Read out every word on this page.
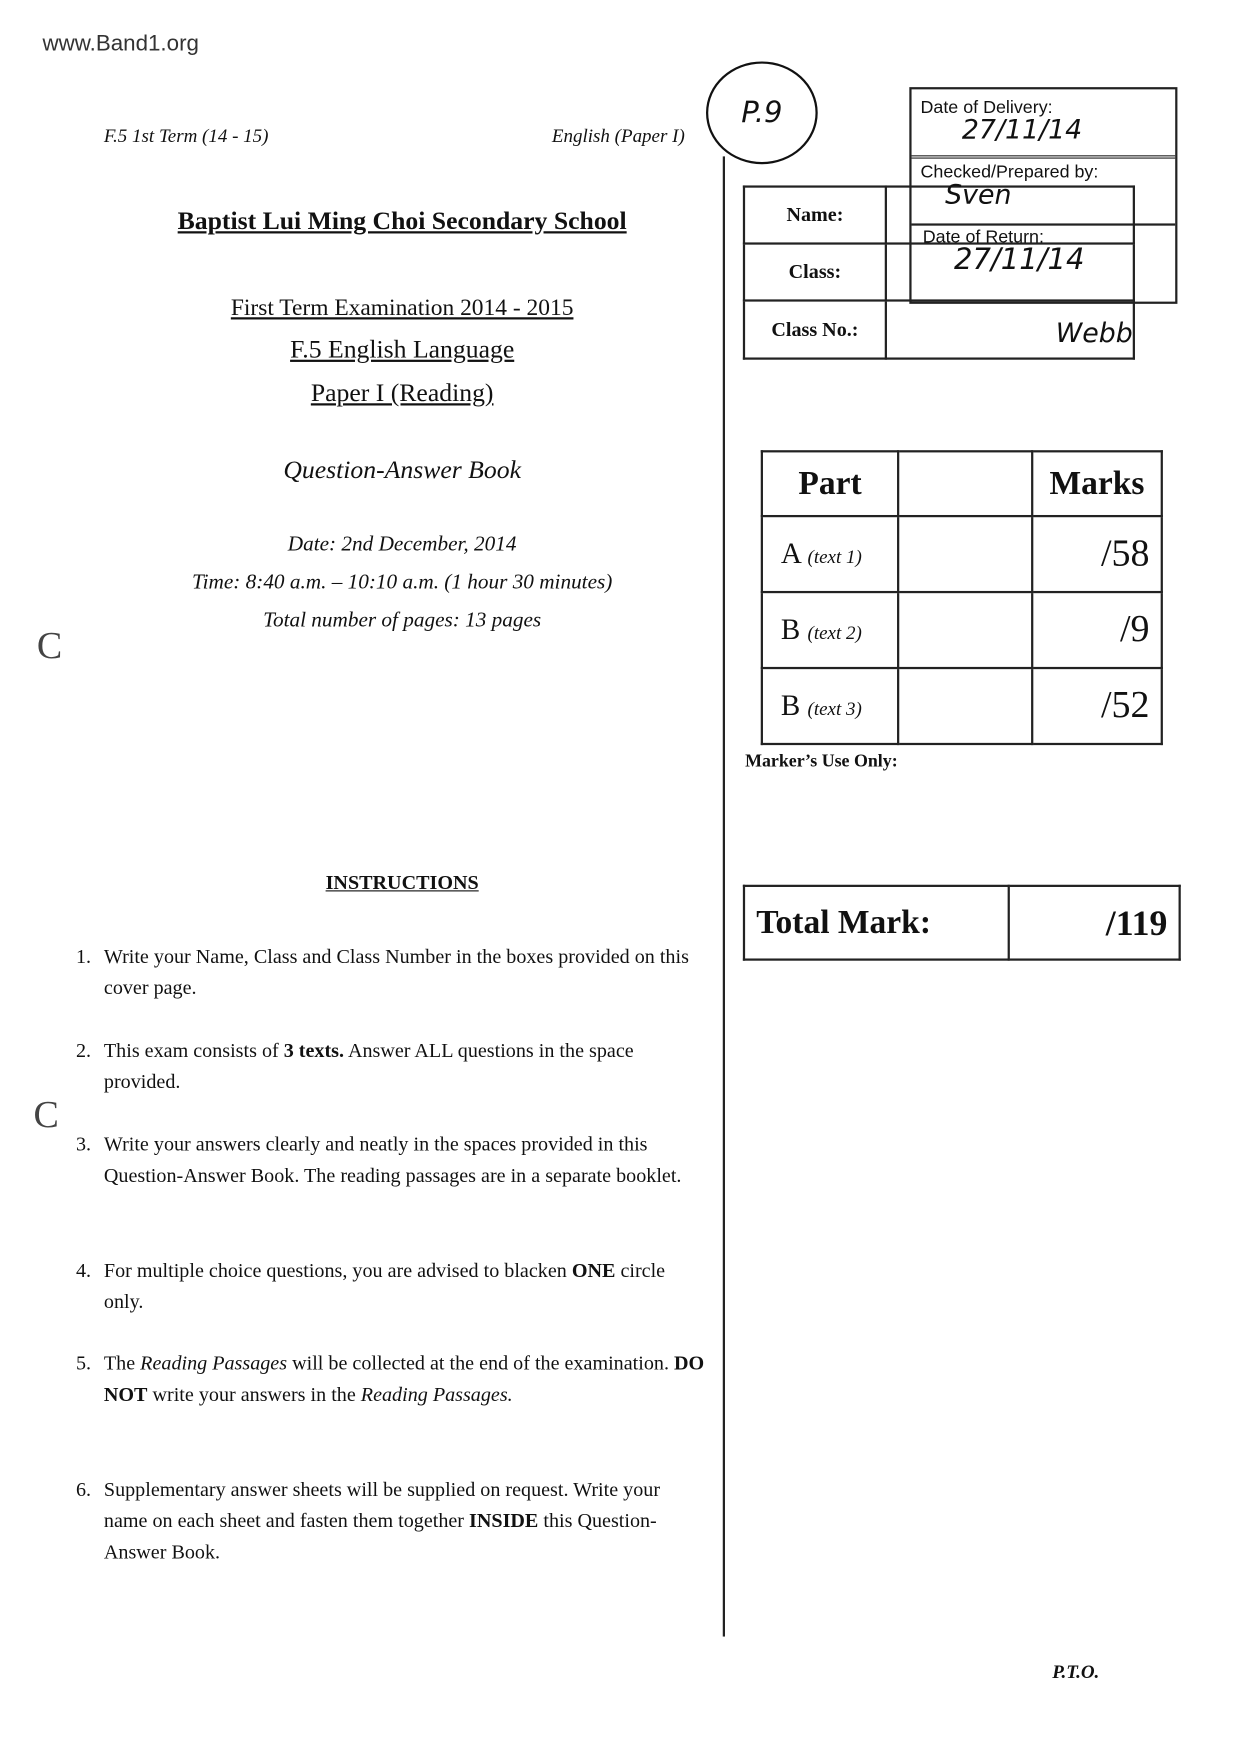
www.Band1.org
F.5 1st Term (14 - 15)	English (Paper I)
P.9
Baptist Lui Ming Choi Secondary School
First Term Examination 2014 - 2015
F.5 English Language
Paper I (Reading)
Question-Answer Book
Date: 2nd December, 2014
Time: 8:40 a.m. – 10:10 a.m. (1 hour 30 minutes)
Total number of pages: 13 pages
C
C
Name:	
Class:	
Class No.:	Webb
Date of Delivery:
27/11/14
Checked/Prepared by:
Sven
Date of Return:
27/11/14
Part		Marks
A (text 1)		/58
B (text 2)		/9
B (text 3)		/52
Marker’s Use Only:
Total Mark:	/119
INSTRUCTIONS
1. Write your Name, Class and Class Number in the boxes provided on this cover page.
2. This exam consists of 3 texts. Answer ALL questions in the space provided.
3. Write your answers clearly and neatly in the spaces provided in this Question-Answer Book. The reading passages are in a separate booklet.
4. For multiple choice questions, you are advised to blacken ONE circle only.
5. The Reading Passages will be collected at the end of the examination. DO NOT write your answers in the Reading Passages.
6. Supplementary answer sheets will be supplied on request. Write your name on each sheet and fasten them together INSIDE this Question-Answer Book.
P.T.O.
